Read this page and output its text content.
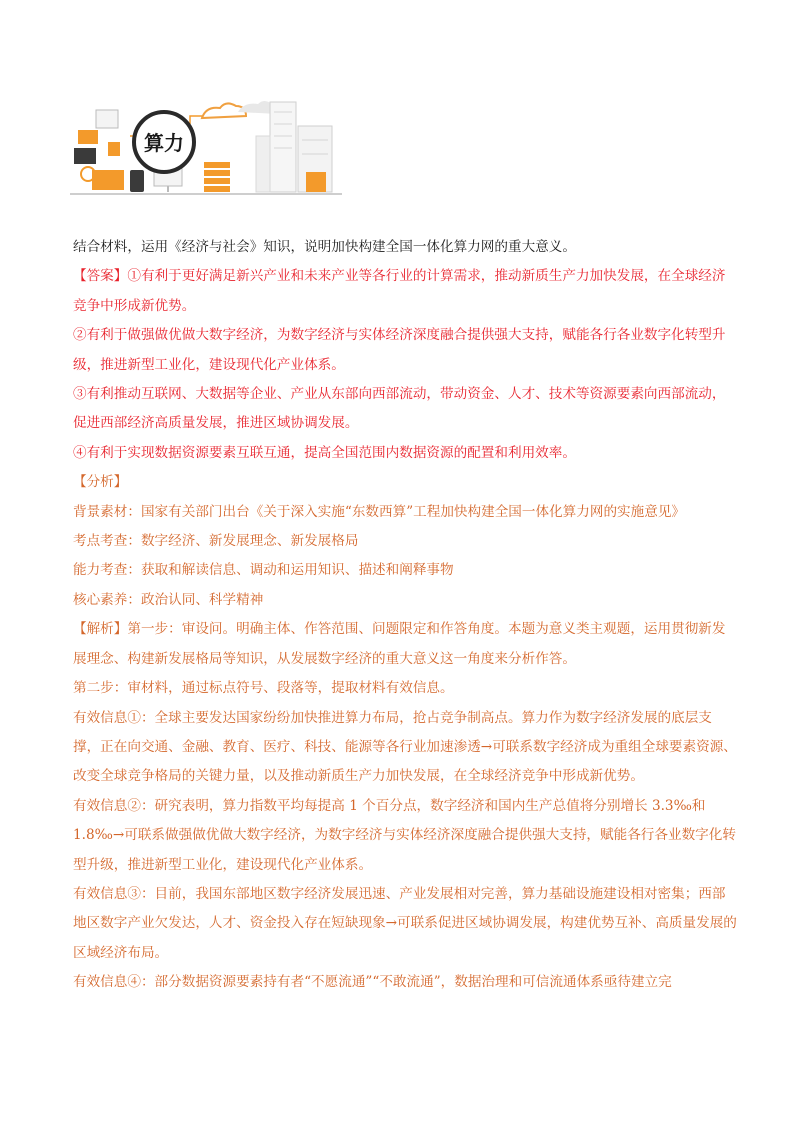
算力

结合材料，运用《经济与社会》知识，说明加快构建全国一体化算力网的重大意义。

【答案】①有利于更好满足新兴产业和未来产业等各行业的计算需求，推动新质生产力加快发展，在全球经济竞争中形成新优势。

②有利于做强做优做大数字经济，为数字经济与实体经济深度融合提供强大支持，赋能各行各业数字化转型升级，推进新型工业化，建设现代化产业体系。

③有利推动互联网、大数据等企业、产业从东部向西部流动，带动资金、人才、技术等资源要素向西部流动，促进西部经济高质量发展，推进区域协调发展。

④有利于实现数据资源要素互联互通，提高全国范围内数据资源的配置和利用效率。

【分析】背景素材：国家有关部门出台《关于深入实施“东数西算”工程加快构建全国一体化算力网的实施意见》

考点考查：数字经济、新发展理念、新发展格局

能力考查：获取和解读信息、调动和运用知识、描述和阐释事物

核心素养：政治认同、科学精神

【解析】第一步：审设问。明确主体、作答范围、问题限定和作答角度。本题为意义类主观题，运用贯彻新发展理念、构建新发展格局等知识，从发展数字经济的重大意义这一角度来分析作答。

第二步：审材料，通过标点符号、段落等，提取材料有效信息。

有效信息①：全球主要发达国家纷纷加快推进算力布局，抢占竞争制高点。算力作为数字经济发展的底层支撑，正在向交通、金融、教育、医疗、科技、能源等各行业加速渗透→可联系数字经济成为重组全球要素资源、改变全球竞争格局的关键力量，以及推动新质生产力加快发展，在全球经济竞争中形成新优势。

有效信息②：研究表明，算力指数平均每提高 1 个百分点，数字经济和国内生产总值将分别增长 3.3‰和 1.8‰→可联系做强做优做大数字经济，为数字经济与实体经济深度融合提供强大支持，赋能各行各业数字化转型升级，推进新型工业化，建设现代化产业体系。

有效信息③：目前，我国东部地区数字经济发展迅速、产业发展相对完善，算力基础设施建设相对密集；西部地区数字产业欠发达，人才、资金投入存在短缺现象→可联系促进区域协调发展，构建优势互补、高质量发展的区域经济布局。

有效信息④：部分数据资源要素持有者“不愿流通”“不敢流通”，数据治理和可信流通体系亟待建立完
